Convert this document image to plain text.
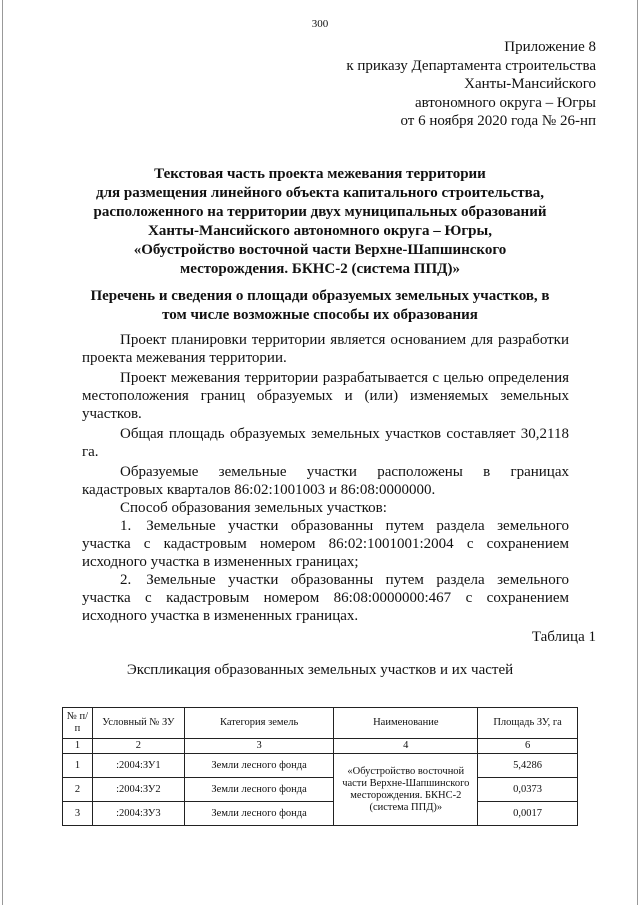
300
Приложение 8
к приказу Департамента строительства
Ханты-Мансийского
автономного округа – Югры
от 6 ноября 2020 года № 26-нп
Текстовая часть проекта межевания территории
для размещения линейного объекта капитального строительства,
расположенного на территории двух муниципальных образований
Ханты-Мансийского автономного округа – Югры,
«Обустройство восточной части Верхне-Шапшинского
месторождения. БКНС-2 (система ППД)»
Перечень и сведения о площади образуемых земельных участков, в
том числе возможные способы их образования

Проект планировки территории является основанием для разработки проекта межевания территории.

Проект межевания территории разрабатывается с целью определения местоположения границ образуемых и (или) изменяемых земельных участков.

Общая площадь образуемых земельных участков составляет 30,2118 га.

Образуемые земельные участки расположены в границах кадастровых кварталов 86:02:1001003 и 86:08:0000000.

Способ образования земельных участков:

1. Земельные участки образованны путем раздела земельного участка с кадастровым номером 86:02:1001001:2004 с сохранением исходного участка в измененных границах;

2. Земельные участки образованны путем раздела земельного участка с кадастровым номером 86:08:0000000:467 с сохранением исходного участка в измененных границах.

Таблица 1
Экспликация образованных земельных участков и их частей
№ п/п	Условный № ЗУ	Категория земель	Наименование	Площадь ЗУ, га
1	2	3	4	6
1	:2004:ЗУ1	Земли лесного фонда	«Обустройство восточной части Верхне-Шапшинского месторождения. БКНС-2 (система ППД)»	5,4286
2	:2004:ЗУ2	Земли лесного фонда		0,0373
3	:2004:ЗУ3	Земли лесного фонда		0,0017
